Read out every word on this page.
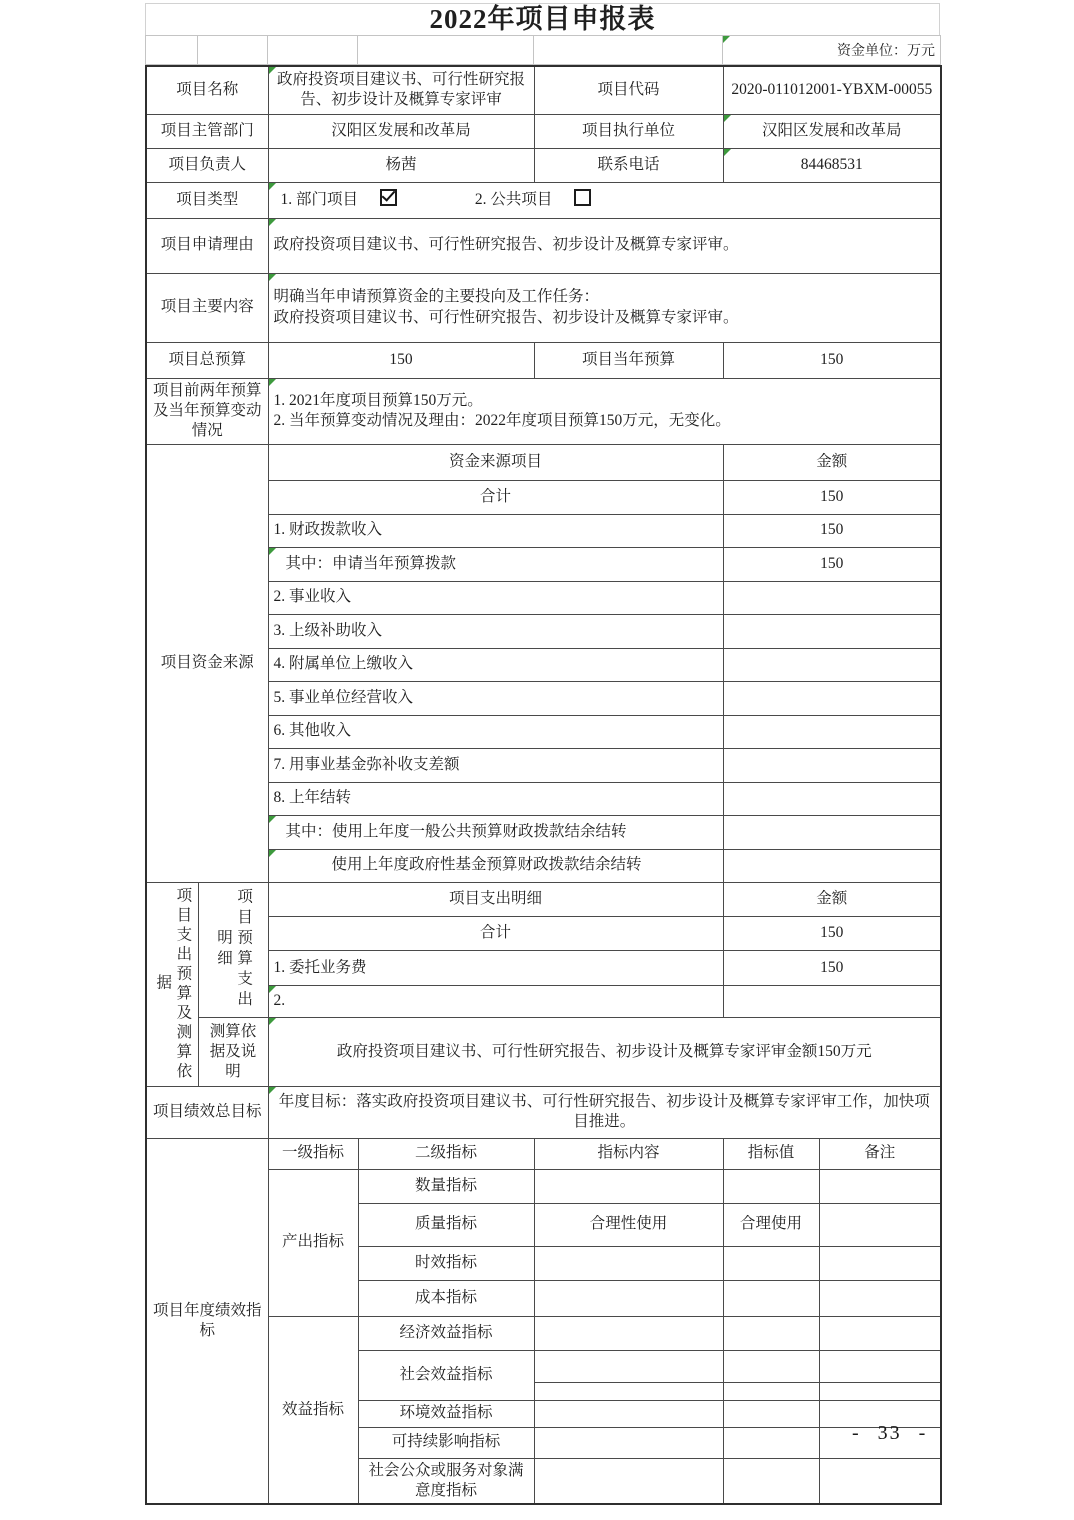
2022年项目申报表

资金单位：万元
项目名称		政府投资项目建议书、可行性研究报告、初步设计及概算专家评审		项目代码	2020-011012001-YBXM-00055	
项目主管部门		汉阳区发展和改革局		项目执行单位	汉阳区发展和改革局	
项目负责人		杨茜		联系电话	84468531	
项目类型		1. 部门项目 2. 公共项目				
项目申请理由		政府投资项目建议书、可行性研究报告、初步设计及概算专家评审。				
项目主要内容		明确当年申请预算资金的主要投向及工作任务：
政府投资项目建议书、可行性研究报告、初步设计及概算专家评审。				

项目总预算		150		项目当年预算	150	
项目前两年预算及当年预算变动情况		1. 2021年度项目预算150万元。
2. 当年预算变动情况及理由：2022年度项目预算150万元，无变化。				

项目资金来源		资金来源项目			金额	
		合计			150	
		1. 财政拨款收入			150	

其中：申请当年预算拨款			150	
		2. 事业收入				
		3. 上级补助收入				
		4. 附属单位上缴收入				
		5. 事业单位经营收入				
		6. 其他收入				
		7. 用事业基金弥补收支差额				
		8. 上年结转				

其中：使用上年度一般公共预算财政拨款结余结转				

使用上年度政府性基金预算财政拨款结余结转				

项目支出预算及测算依据	项目预算支出明细	项目支出明细			金额	
		合计			150	
		1. 委托业务费			150	

2.				
	测算依据及说明	政府投资项目建议书、可行性研究报告、初步设计及概算专家评审金额150万元				
项目绩效总目标		年度目标：落实政府投资项目建议书、可行性研究报告、初步设计及概算专家评审工作，加快项目推进。				
项目年度绩效指标		一级指标	二级指标	指标内容	指标值	备注
		产出指标	数量指标			
			质量指标	合理性使用	合理使用	
			时效指标			
			成本指标			
		效益指标	经济效益指标			
			社会效益指标			

			环境效益指标			
			可持续影响指标			
			社会公众或服务对象满意度指标			
- 33 -
